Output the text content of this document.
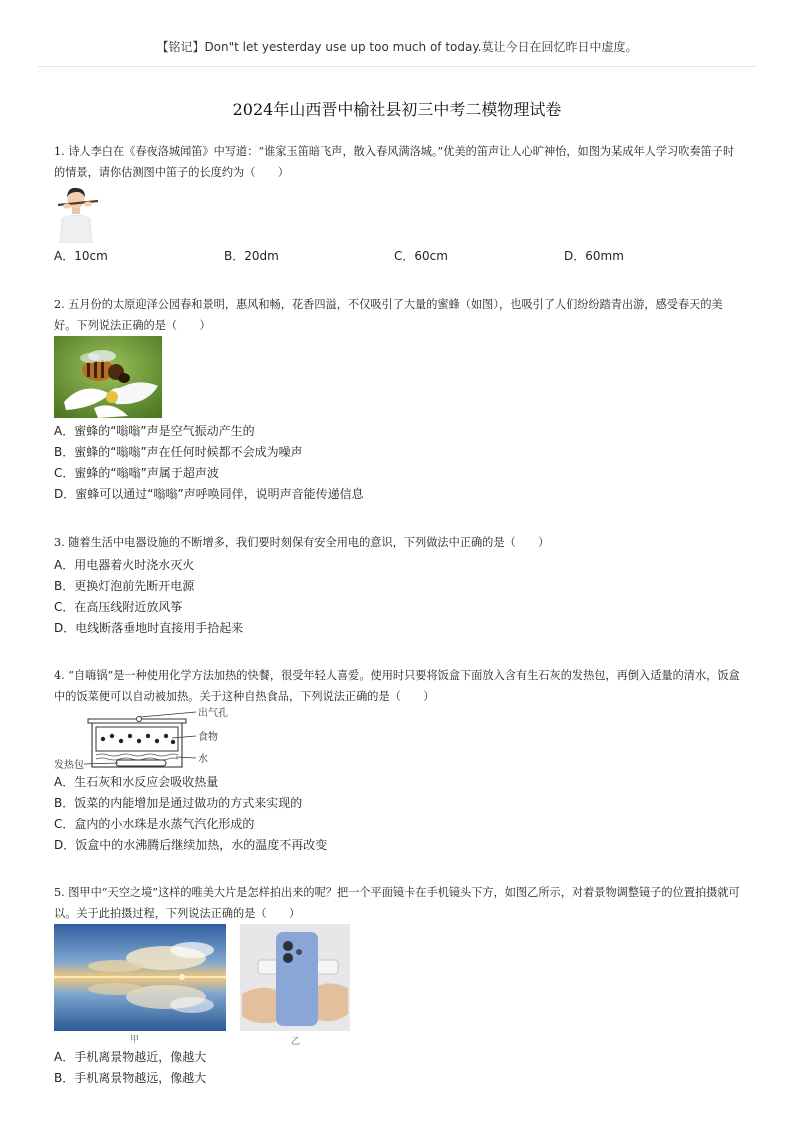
【铭记】Don"t let yesterday use up too much of today.莫让今日在回忆昨日中虚度。
2024年山西晋中榆社县初三中考二模物理试卷
1. 诗人李白在《春夜洛城闻笛》中写道：“谁家玉笛暗飞声，散入春风满洛城。”优美的笛声让人心旷神怡，如图为某成年人学习吹奏笛子时的情景，请你估测图中笛子的长度约为（　　）
A．10cm	B．20dm	C．60cm	D．60mm
2. 五月份的太原迎泽公园春和景明，惠风和畅，花香四溢，不仅吸引了大量的蜜蜂（如图），也吸引了人们纷纷踏青出游，感受春天的美好。下列说法正确的是（　　）
A．蜜蜂的“嗡嗡”声是空气振动产生的
B．蜜蜂的“嗡嗡”声在任何时候都不会成为噪声
C．蜜蜂的“嗡嗡”声属于超声波
D．蜜蜂可以通过“嗡嗡”声呼唤同伴，说明声音能传递信息
3. 随着生活中电器设施的不断增多，我们要时刻保有安全用电的意识，下列做法中正确的是（　　）
A．用电器着火时浇水灭火
B．更换灯泡前先断开电源
C．在高压线附近放风筝
D．电线断落垂地时直接用手拾起来
4. “自嗨锅”是一种使用化学方法加热的快餐，很受年轻人喜爱。使用时只要将饭盒下面放入含有生石灰的发热包，再倒入适量的清水，饭盒中的饭菜便可以自动被加热。关于这种自热食品，下列说法正确的是（　　）
出气孔
食物
水
发热包
A．生石灰和水反应会吸收热量
B．饭菜的内能增加是通过做功的方式来实现的
C．盒内的小水珠是水蒸气汽化形成的
D．饭盒中的水沸腾后继续加热，水的温度不再改变
5. 图甲中“天空之境”这样的唯美大片是怎样拍出来的呢？把一个平面镜卡在手机镜头下方，如图乙所示，对着景物调整镜子的位置拍摄就可以。关于此拍摄过程，下列说法正确的是（　　）
甲	乙
A．手机离景物越近，像越大
B．手机离景物越远，像越大
